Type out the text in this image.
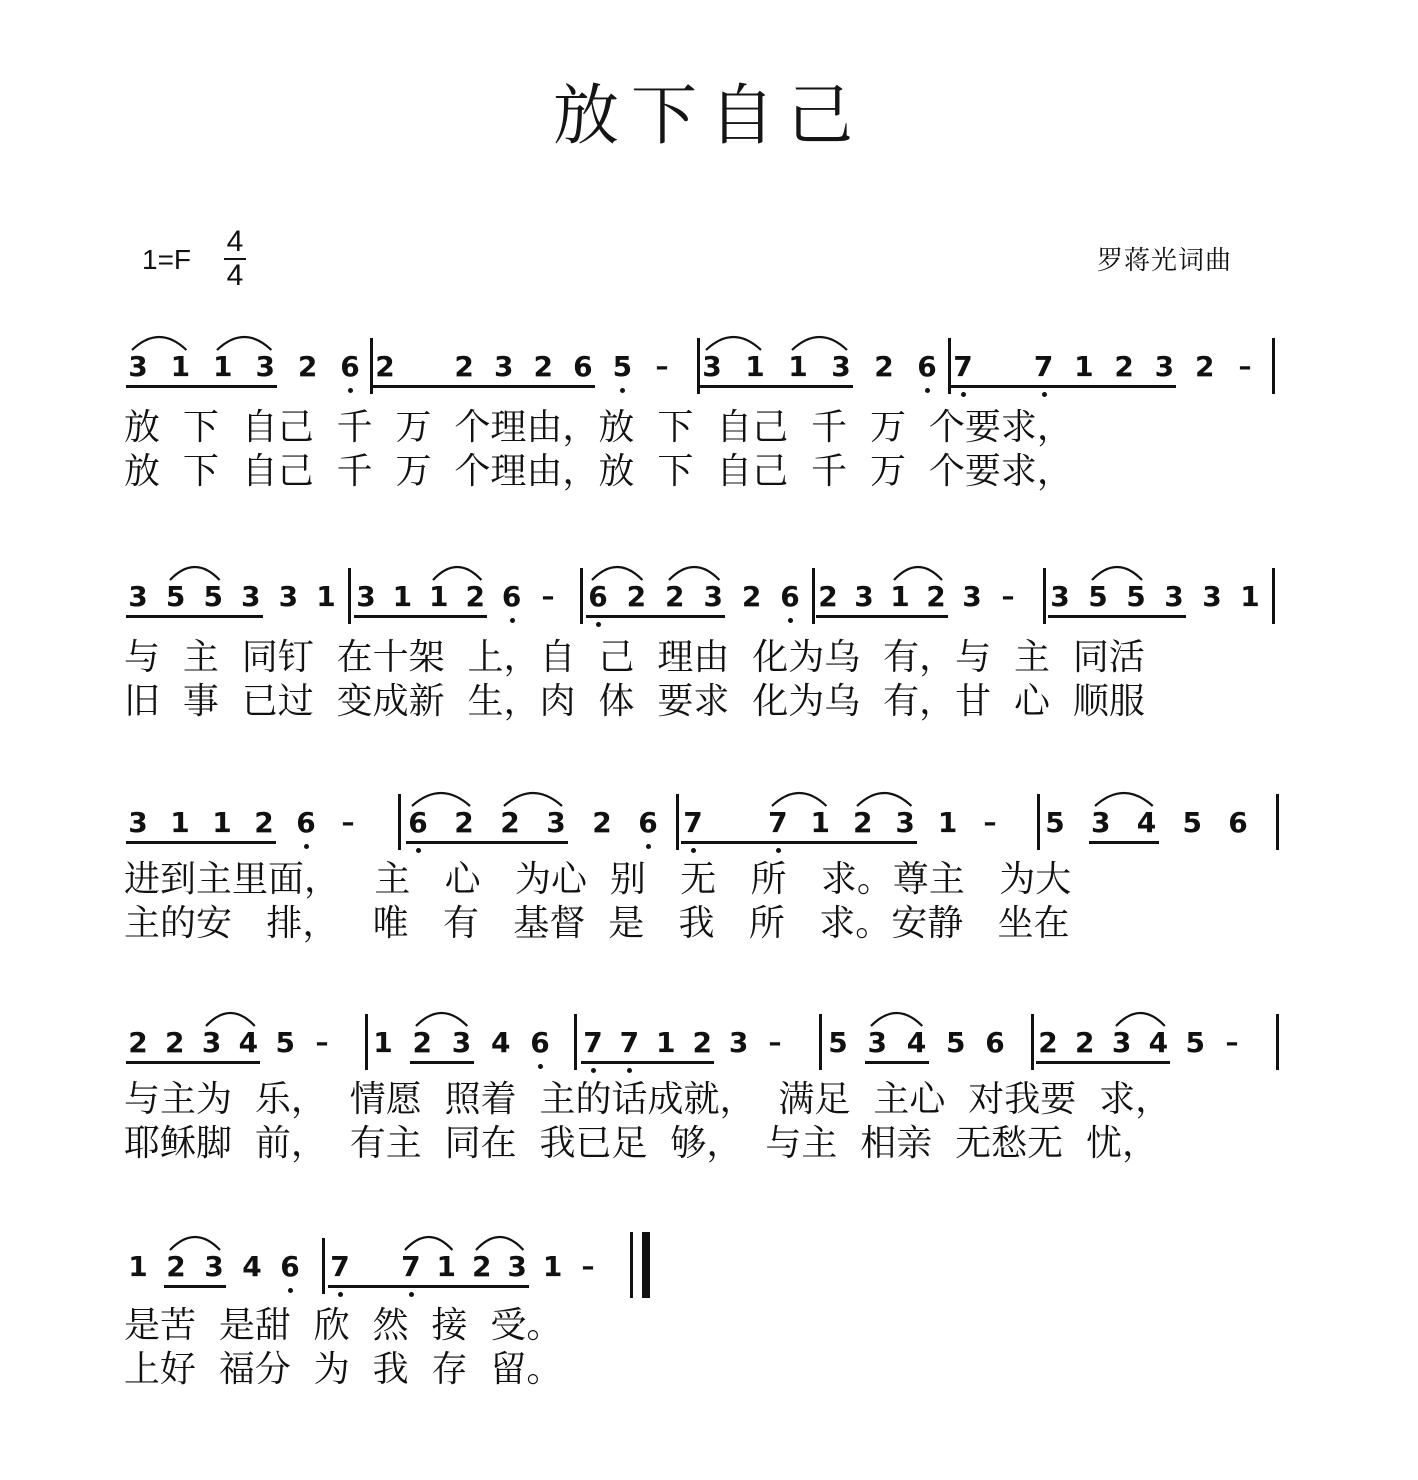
放下自己
1=F
4
4	罗蒋光词曲
3 1 1 3 2 6 2 2 3 2 6 5 – 3 1 1 3 2 6 7 7 1 2 3 2 –
放  下  自己  千  万  个理由，放  下  自己  千  万  个要求，
放  下  自己  千  万  个理由，放  下  自己  千  万  个要求，
3 5 5 3 3 1 3 1 1 2 6 – 6 2 2 3 2 6 2 3 1 2 3 – 3 5 5 3 3 1
与  主  同钉  在十架  上，自  己  理由  化为乌  有，与  主  同活
旧  事  已过  变成新  生，肉  体  要求  化为乌  有，甘  心  顺服
3 1 1 2 6 – 6 2 2 3 2 6 7 7 1 2 3 1 – 5 3 4 5 6
进到主里面，   主   心   为心  别   无   所   求。尊主   为大
主的安   排，   唯   有   基督  是   我   所   求。安静   坐在
2 2 3 4 5 – 1 2 3 4 6 7 7 1 2 3 – 5 3 4 5 6 2 2 3 4 5 –
与主为  乐，  情愿  照着  主的话成就，  满足  主心  对我要  求，
耶稣脚  前，  有主  同在  我已足  够，  与主  相亲  无愁无  忧，
1 2 3 4 6 7 7 1 2 3 1 –
是苦  是甜  欣  然  接  受。
上好  福分  为  我  存  留。
